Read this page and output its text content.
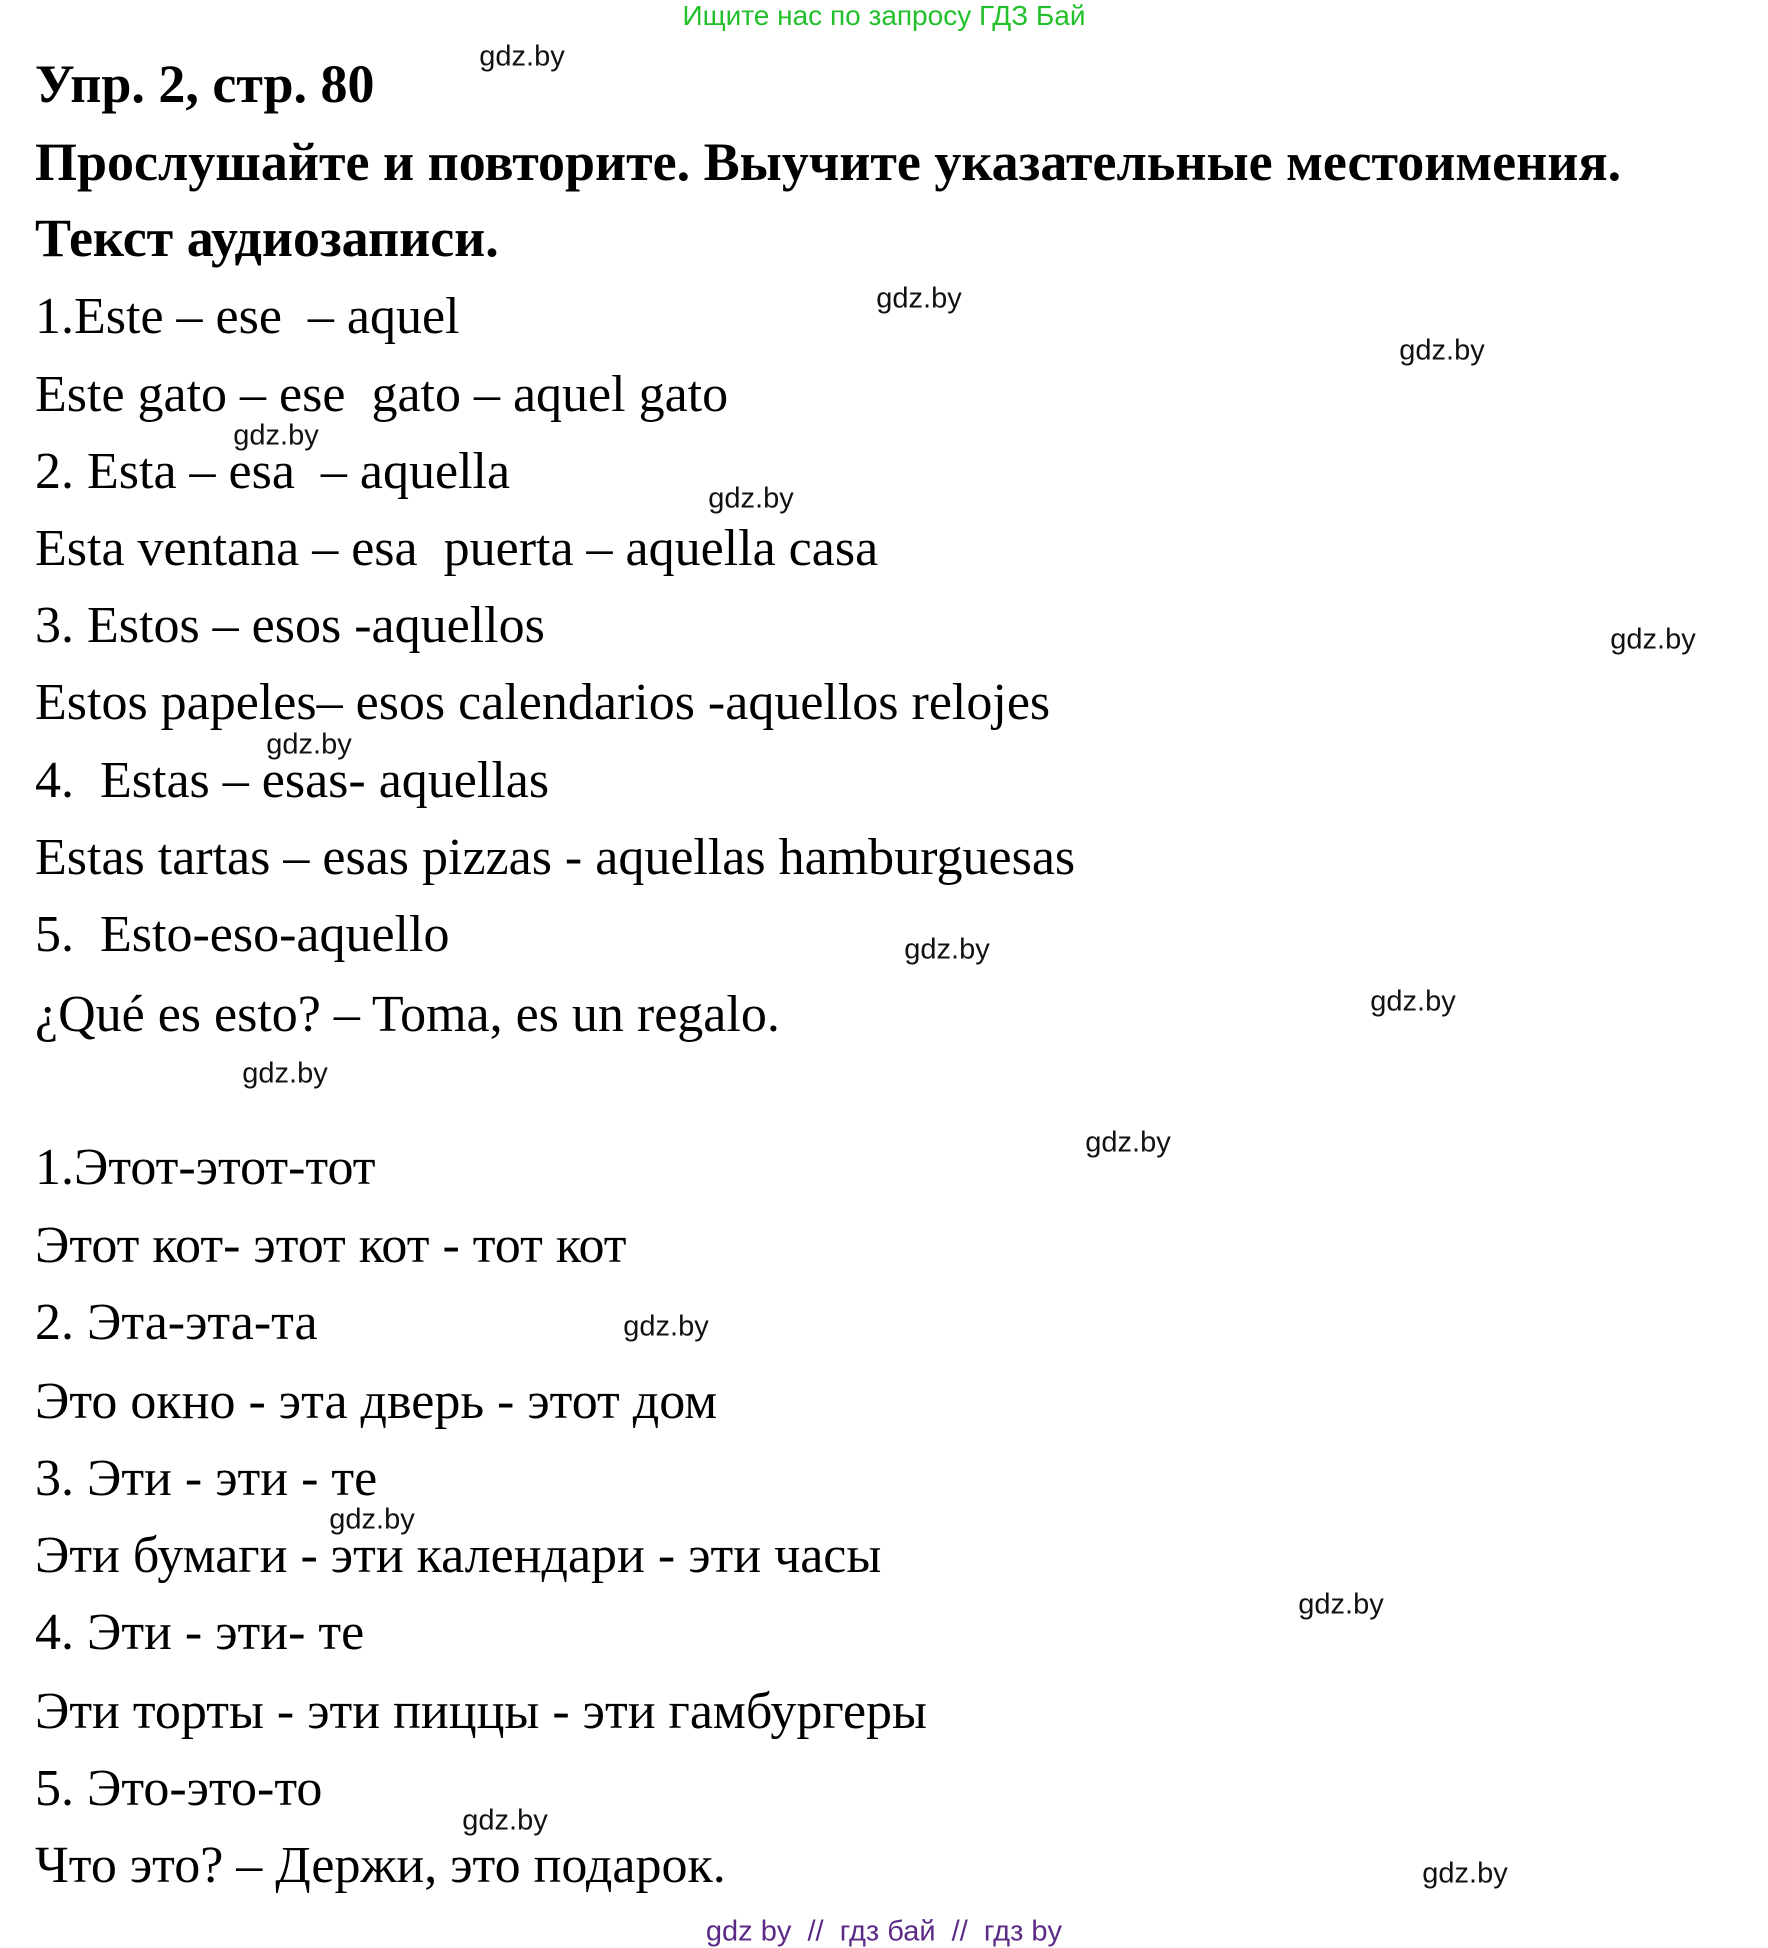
Ищите нас по запросу ГДЗ Бай
Упр. 2, стр. 80
Прослушайте и повторите. Выучите указательные местоимения.
Текст аудиозаписи.
1.Este – ese  – aquel
Este gato – ese  gato – aquel gato
2. Esta – esa  – aquella
Esta ventana – esa  puerta – aquella casa
3. Estos – esos -aquellos
Estos papeles– esos calendarios -aquellos relojes
4.  Estas – esas- aquellas
Estas tartas – esas pizzas - aquellas hamburguesas
5.  Esto-eso-aquello
¿Qué es esto? – Toma, es un regalo.
1.Этот-этот-тот
Этот кот- этот кот - тот кот
2. Эта-эта-та
Это окно - эта дверь - этот дом
3. Эти - эти - те
Эти бумаги - эти календари - эти часы
4. Эти - эти- те
Эти торты - эти пиццы - эти гамбургеры
5. Это-это-то
Что это? – Держи, это подарок.
gdz.by
gdz.by
gdz.by
gdz.by
gdz.by
gdz.by
gdz.by
gdz.by
gdz.by
gdz.by
gdz.by
gdz.by
gdz.by
gdz.by
gdz.by
gdz.by
gdz by  //  гдз бай  //  гдз by
